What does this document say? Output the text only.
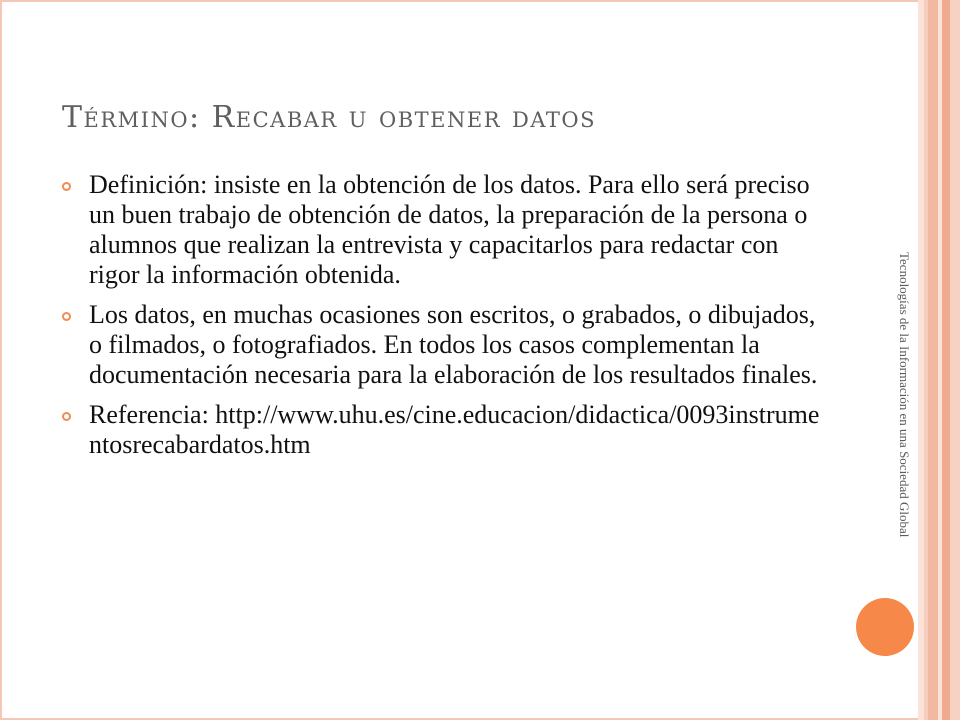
Término: Recabar u obtener datos
Definición: insiste en la obtención de los datos. Para ello será preciso un buen trabajo de obtención de datos, la preparación de la persona o alumnos que realizan la entrevista y capacitarlos para redactar con rigor la información obtenida.
Los datos, en muchas ocasiones son escritos, o grabados, o dibujados, o filmados, o fotografiados. En todos los casos complementan la documentación necesaria para la elaboración de los resultados finales.
Referencia: http://www.uhu.es/cine.educacion/didactica/0093instrumentosrecabardatos.htm	Tecnologías de la Información en una Sociedad Global
